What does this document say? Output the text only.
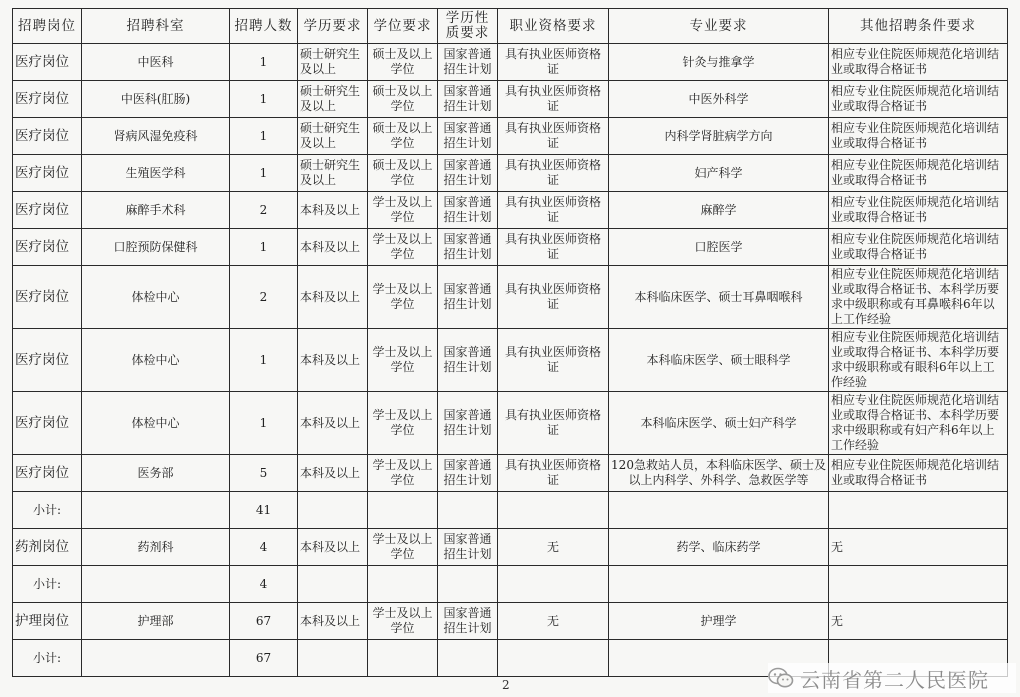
招聘岗位	招聘科室	招聘人数	学历要求	学位要求	学历性质要求	职业资格要求	专业要求	其他招聘条件要求
医疗岗位	中医科	1	硕士研究生及以上	硕士及以上学位	国家普通招生计划	具有执业医师资格证	针灸与推拿学	相应专业住院医师规范化培训结业或取得合格证书
医疗岗位	中医科(肛肠)	1	硕士研究生及以上	硕士及以上学位	国家普通招生计划	具有执业医师资格证	中医外科学	相应专业住院医师规范化培训结业或取得合格证书
医疗岗位	肾病风湿免疫科	1	硕士研究生及以上	硕士及以上学位	国家普通招生计划	具有执业医师资格证	内科学肾脏病学方向	相应专业住院医师规范化培训结业或取得合格证书
医疗岗位	生殖医学科	1	硕士研究生及以上	硕士及以上学位	国家普通招生计划	具有执业医师资格证	妇产科学	相应专业住院医师规范化培训结业或取得合格证书
医疗岗位	麻醉手术科	2	本科及以上	学士及以上学位	国家普通招生计划	具有执业医师资格证	麻醉学	相应专业住院医师规范化培训结业或取得合格证书
医疗岗位	口腔预防保健科	1	本科及以上	学士及以上学位	国家普通招生计划	具有执业医师资格证	口腔医学	相应专业住院医师规范化培训结业或取得合格证书
医疗岗位	体检中心	2	本科及以上	学士及以上学位	国家普通招生计划	具有执业医师资格证	本科临床医学、硕士耳鼻咽喉科	相应专业住院医师规范化培训结业或取得合格证书、本科学历要求中级职称或有耳鼻喉科6年以上工作经验
医疗岗位	体检中心	1	本科及以上	学士及以上学位	国家普通招生计划	具有执业医师资格证	本科临床医学、硕士眼科学	相应专业住院医师规范化培训结业或取得合格证书、本科学历要求中级职称或有眼科6年以上工作经验
医疗岗位	体检中心	1	本科及以上	学士及以上学位	国家普通招生计划	具有执业医师资格证	本科临床医学、硕士妇产科学	相应专业住院医师规范化培训结业或取得合格证书、本科学历要求中级职称或有妇产科6年以上工作经验
医疗岗位	医务部	5	本科及以上	学士及以上学位	国家普通招生计划	具有执业医师资格证	120急救站人员，本科临床医学、硕士及以上内科学、外科学、急救医学等	相应专业住院医师规范化培训结业或取得合格证书
小计:		41						
药剂岗位	药剂科	4	本科及以上	学士及以上学位	国家普通招生计划	无	药学、临床药学	无
小计:		4						
护理岗位	护理部	67	本科及以上	学士及以上学位	国家普通招生计划	无	护理学	无
小计:		67						
2	云南省第二人民医院
